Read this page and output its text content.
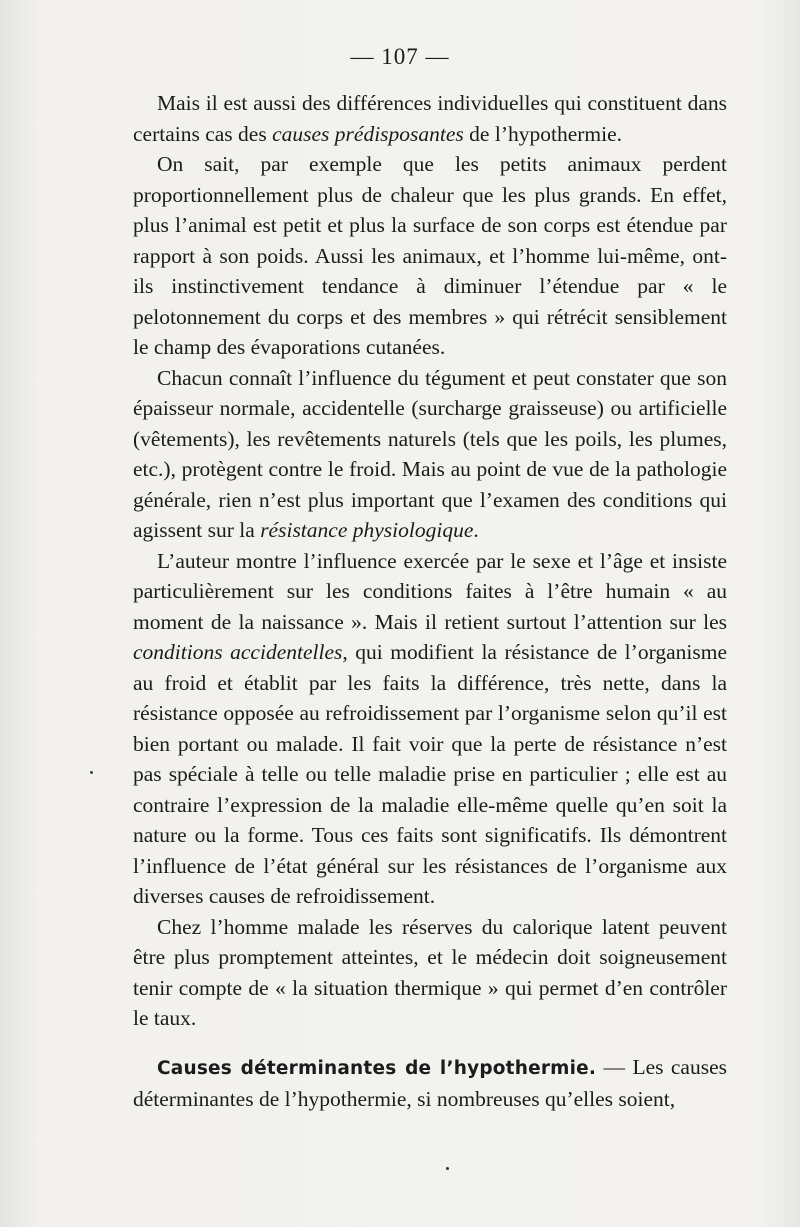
— 107 —

Mais il est aussi des différences individuelles qui constituent dans certains cas des causes prédisposantes de l’hypothermie.

On sait, par exemple que les petits animaux perdent proportionnellement plus de chaleur que les plus grands. En effet, plus l’animal est petit et plus la surface de son corps est étendue par rapport à son poids. Aussi les animaux, et l’homme lui-même, ont-ils instinctivement tendance à diminuer l’étendue par « le pelotonnement du corps et des membres » qui rétrécit sensiblement le champ des évaporations cutanées.

Chacun connaît l’influence du tégument et peut constater que son épaisseur normale, accidentelle (surcharge graisseuse) ou artificielle (vêtements), les revêtements naturels (tels que les poils, les plumes, etc.), protègent contre le froid. Mais au point de vue de la pathologie générale, rien n’est plus important que l’examen des conditions qui agissent sur la résistance physiologique.

L’auteur montre l’influence exercée par le sexe et l’âge et insiste particulièrement sur les conditions faites à l’être humain « au moment de la naissance ». Mais il retient surtout l’attention sur les conditions accidentelles, qui modifient la résistance de l’organisme au froid et établit par les faits la différence, très nette, dans la résistance opposée au refroidissement par l’organisme selon qu’il est bien portant ou malade. Il fait voir que la perte de résistance n’est pas spéciale à telle ou telle maladie prise en particulier ; elle est au contraire l’expression de la maladie elle-même quelle qu’en soit la nature ou la forme. Tous ces faits sont significatifs. Ils démontrent l’influence de l’état général sur les résistances de l’organisme aux diverses causes de refroidissement.

Chez l’homme malade les réserves du calorique latent peuvent être plus promptement atteintes, et le médecin doit soigneusement tenir compte de « la situation thermique » qui permet d’en contrôler le taux.

Causes déterminantes de l’hypothermie. — Les causes déterminantes de l’hypothermie, si nombreuses qu’elles soient,
